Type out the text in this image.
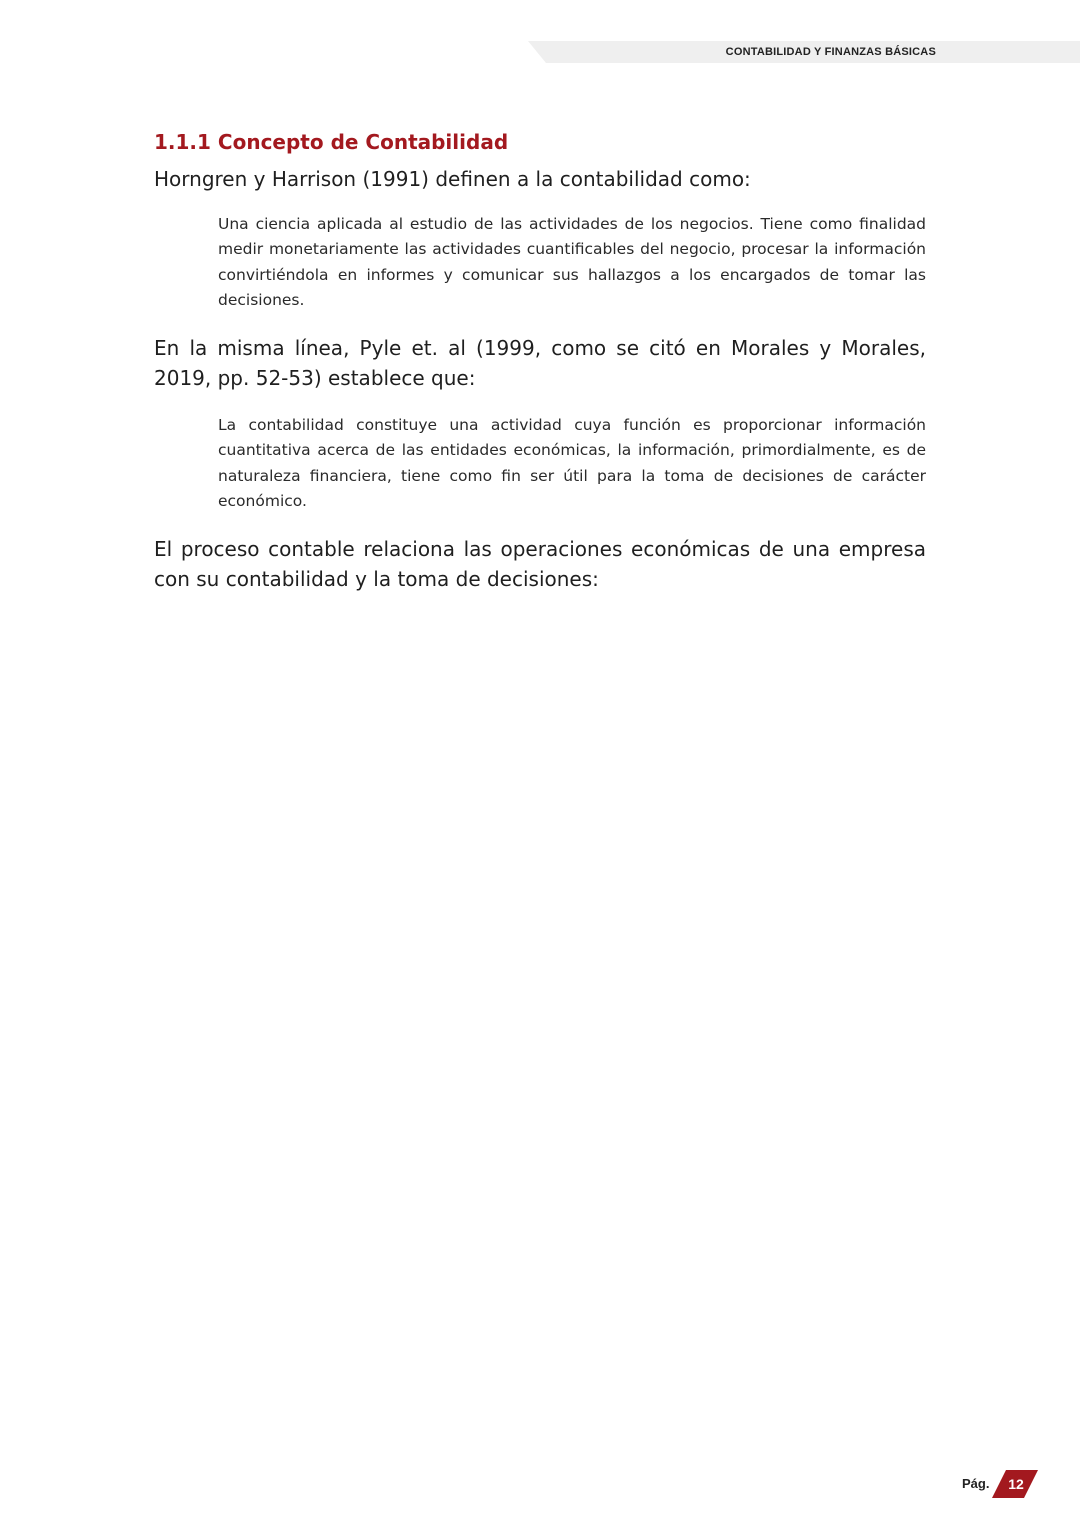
CONTABILIDAD Y FINANZAS BÁSICAS
1.1.1 Concepto de Contabilidad

Horngren y Harrison (1991) definen a la contabilidad como:

Una ciencia aplicada al estudio de las actividades de los negocios. Tiene como finalidad medir monetariamente las actividades cuantificables del negocio, procesar la información convirtiéndola en informes y comunicar sus hallazgos a los encargados de tomar las decisiones.

En la misma línea, Pyle et. al (1999, como se citó en Morales y Morales, 2019, pp. 52-53) establece que:

La contabilidad constituye una actividad cuya función es proporcionar información cuantitativa acerca de las entidades económicas, la información, primordialmente, es de naturaleza financiera, tiene como fin ser útil para la toma de decisiones de carácter económico.

El proceso contable relaciona las operaciones económicas de una empresa con su contabilidad y la toma de decisiones:

Pág.	12
